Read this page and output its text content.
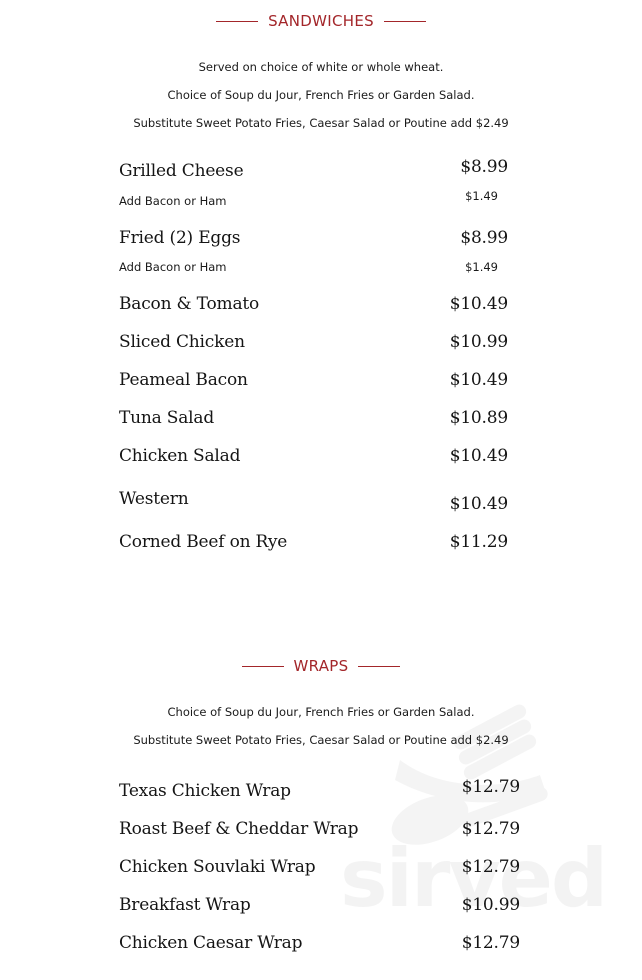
SANDWICHES
Served on choice of white or whole wheat.
Choice of Soup du Jour, French Fries or Garden Salad.
Substitute Sweet Potato Fries, Caesar Salad or Poutine add $2.49
Grilled Cheese	$8.99
Add Bacon or Ham	$1.49
Fried (2) Eggs	$8.99
Add Bacon or Ham	$1.49
Bacon & Tomato	$10.49
Sliced Chicken	$10.99
Peameal Bacon	$10.49
Tuna Salad	$10.89
Chicken Salad	$10.49
Western	$10.49
Corned Beef on Rye	$11.29
WRAPS
Choice of Soup du Jour, French Fries or Garden Salad.
Substitute Sweet Potato Fries, Caesar Salad or Poutine add $2.49
Texas Chicken Wrap	$12.79
Roast Beef & Cheddar Wrap	$12.79
Chicken Souvlaki Wrap	$12.79
Breakfast Wrap	$10.99
Chicken Caesar Wrap	$12.79
